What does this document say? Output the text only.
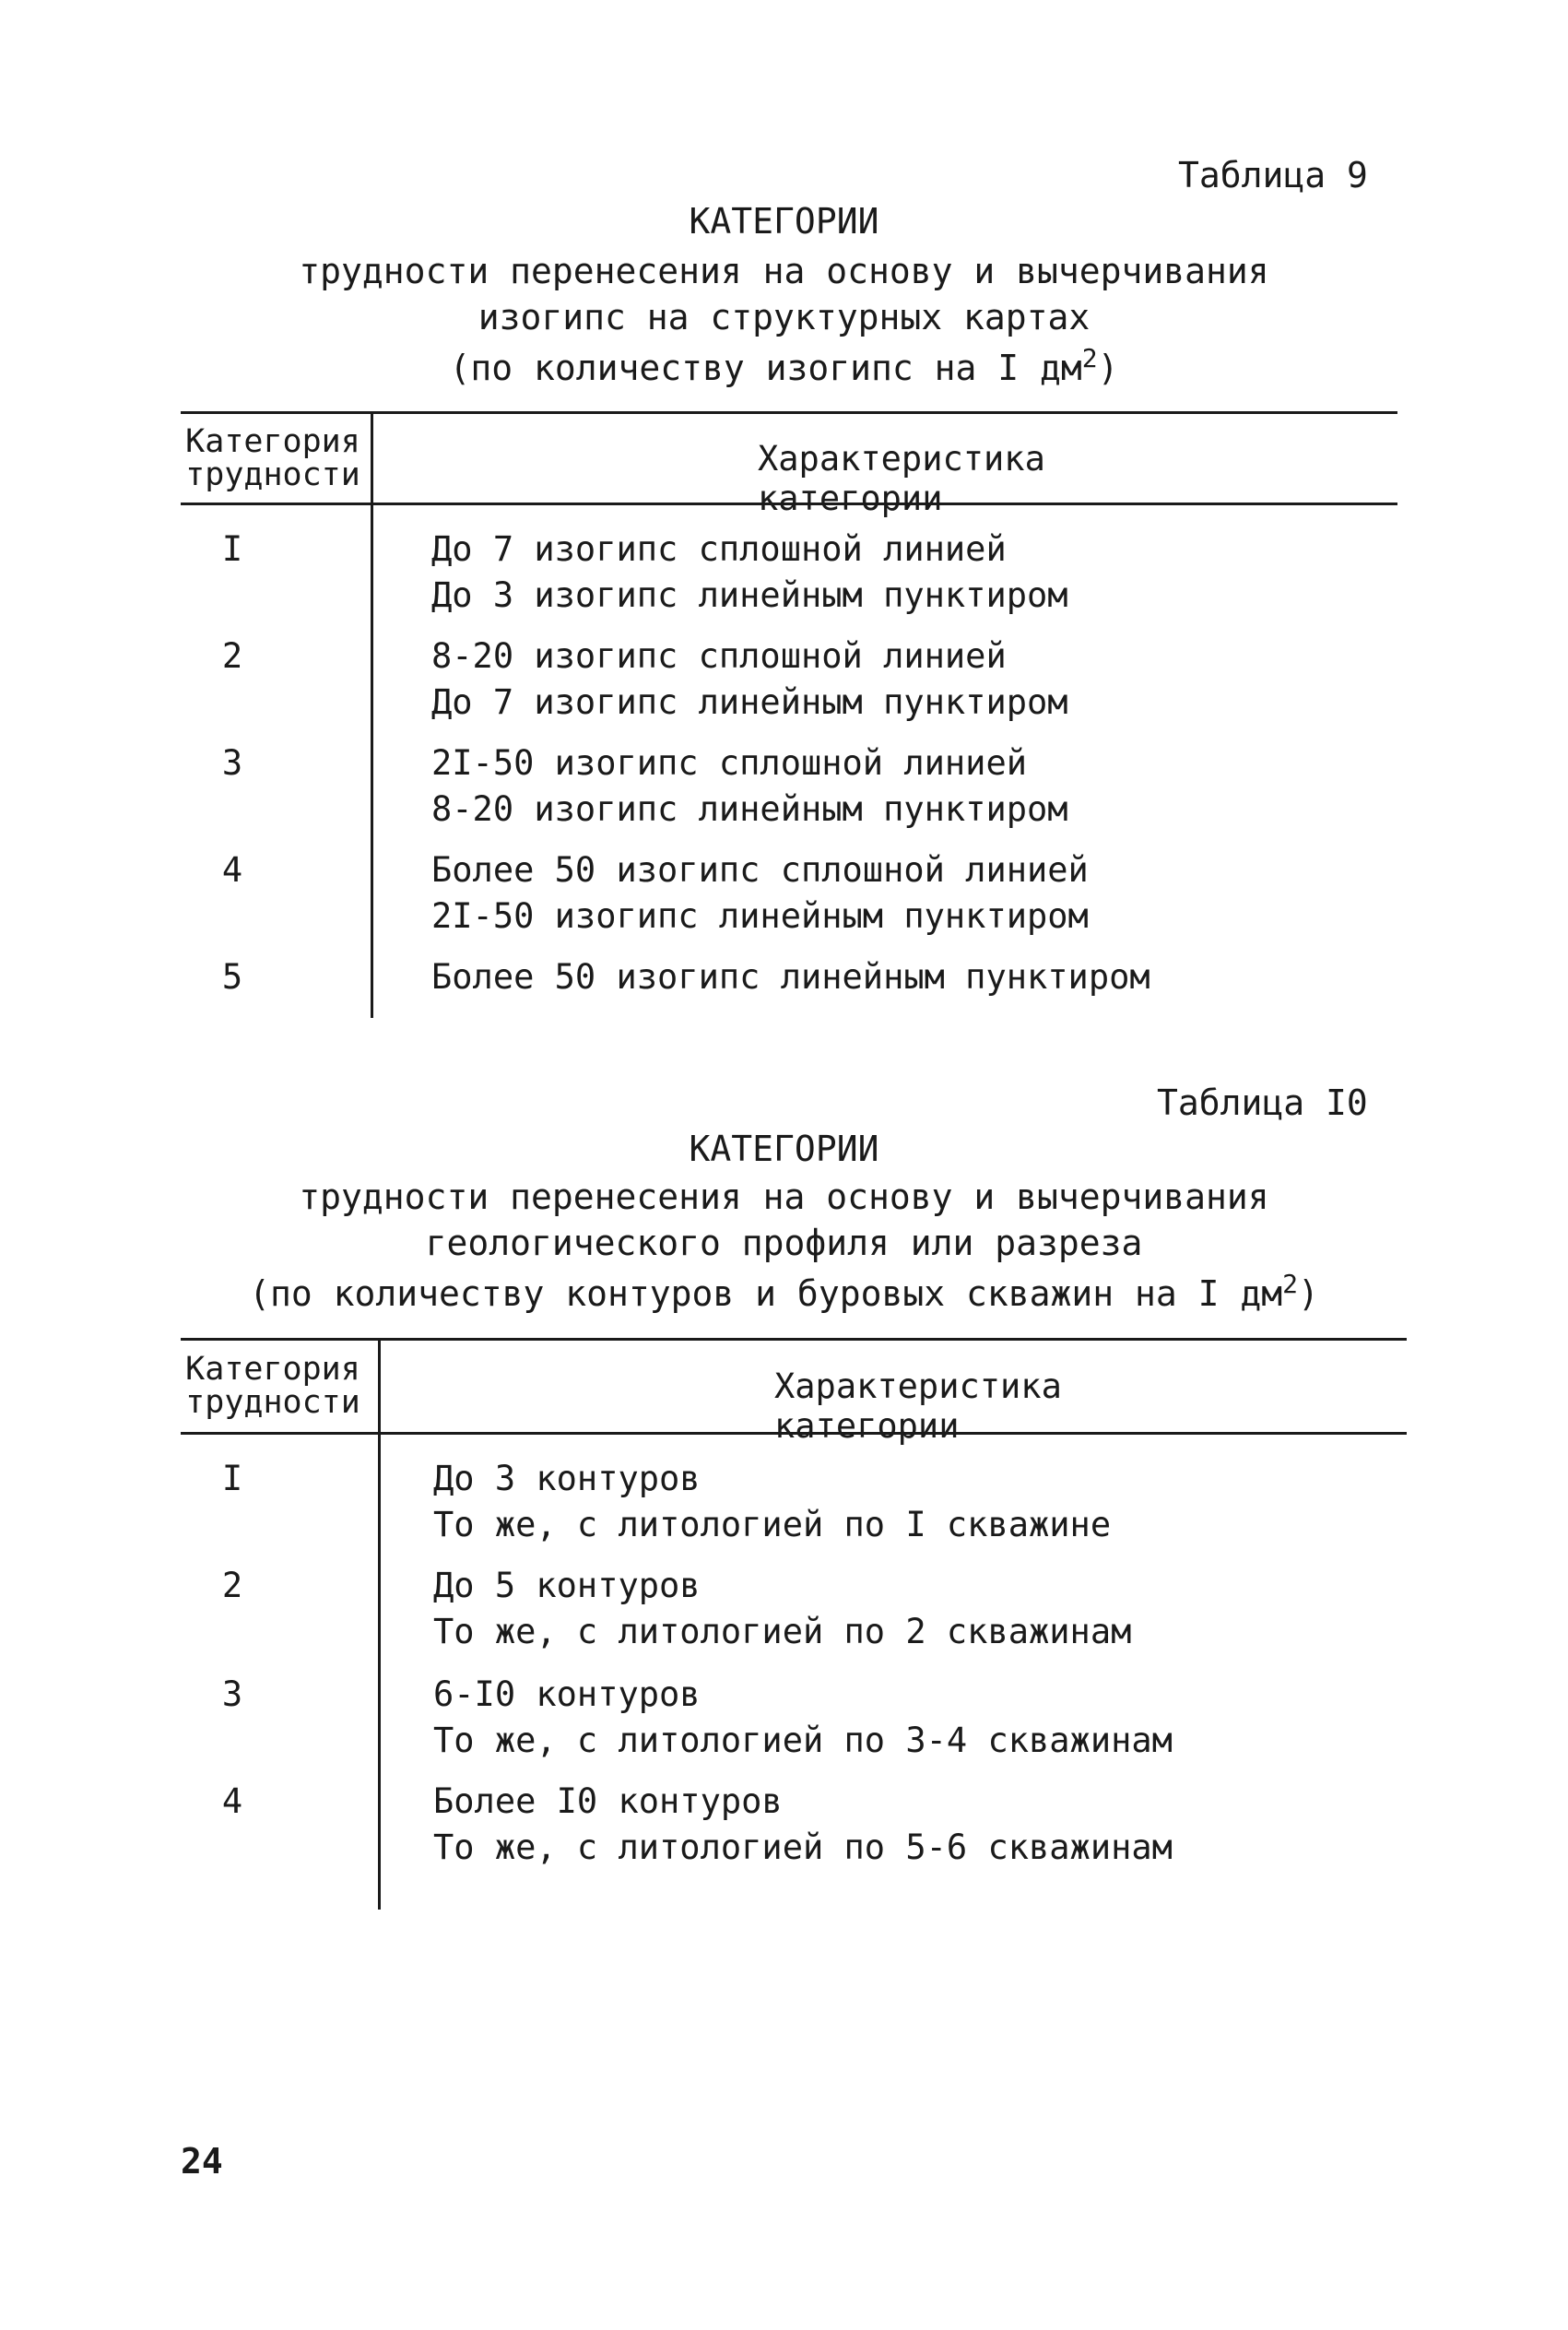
Таблица 9
КАТЕГОРИИ
трудности перенесения на основу и вычерчивания
изогипс на структурных картах
(по количеству изогипс на I $дм^2$)
Категория
трудности	Характеристика категории
I	До 7 изогипс сплошной линией
До 3 изогипс линейным пунктиром
2	8-20 изогипс сплошной линией
До 7 изогипс линейным пунктиром
3	2I-50 изогипс сплошной линией
8-20 изогипс линейным пунктиром
4	Более 50 изогипс сплошной линией
2I-50 изогипс линейным пунктиром
5	Более 50 изогипс линейным пунктиром
Таблица I0
КАТЕГОРИИ
трудности перенесения на основу и вычерчивания
геологического профиля или разреза
(по количеству контуров и буровых скважин на I $дм^2$)
Категория
трудности	Характеристика категории
I	До 3 контуров
То же, с литологией по I скважине
2	До 5 контуров
То же, с литологией по 2 скважинам
3	6-I0 контуров
То же, с литологией по 3-4 скважинам
4	Более I0 контуров
То же, с литологией по 5-6 скважинам
24
